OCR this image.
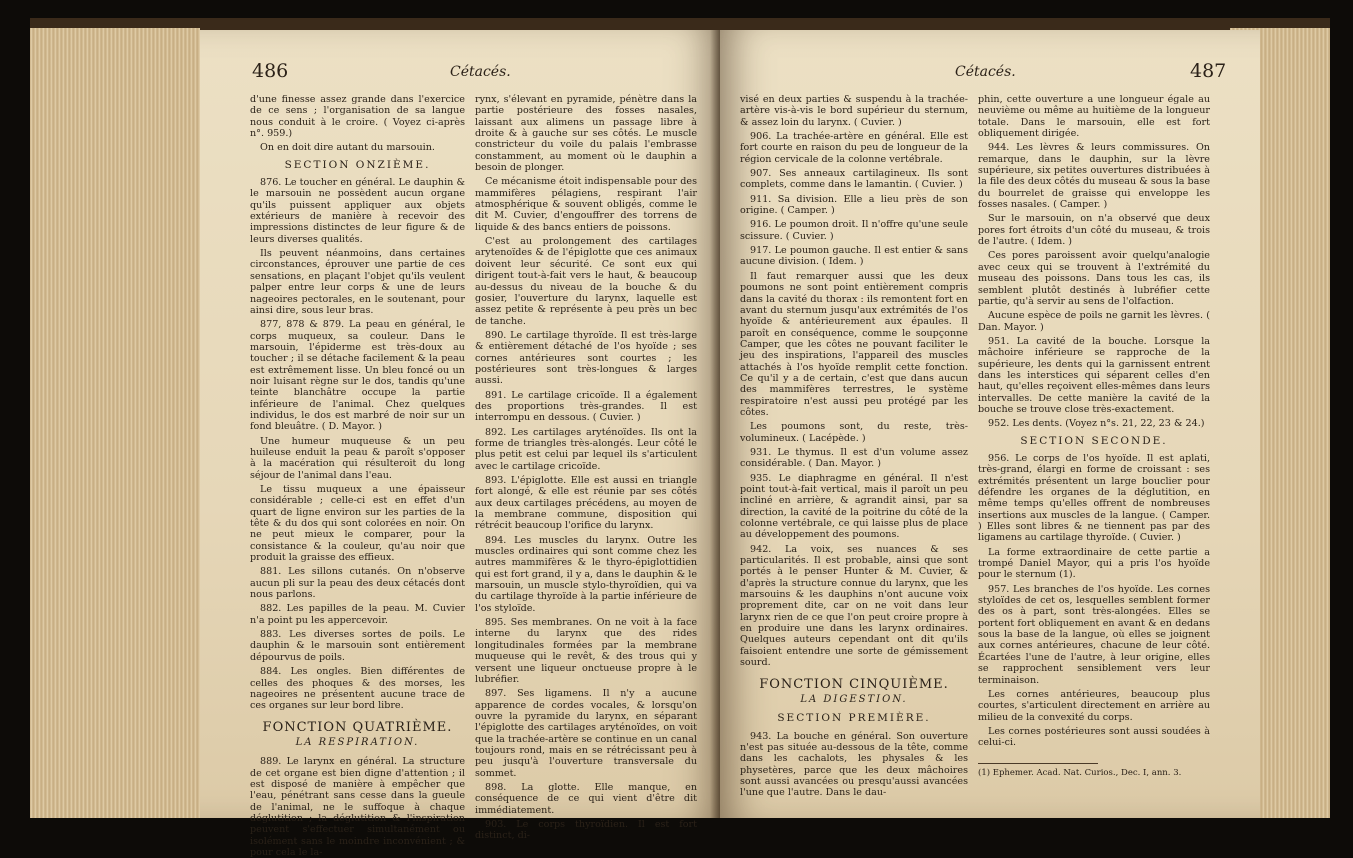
486	Cétacés.

d'une finesse assez grande dans l'exercice de ce sens ; l'organisation de sa langue nous conduit à le croire. ( Voyez ci-après n°. 959.)

On en doit dire autant du marsouin.

SECTION ONZIÈME.

876. Le toucher en général. Le dauphin & le marsouin ne possèdent aucun organe qu'ils puissent appliquer aux objets extérieurs de manière à recevoir des impressions distinctes de leur figure & de leurs diverses qualités.

Ils peuvent néanmoins, dans certaines circonstances, éprouver une partie de ces sensations, en plaçant l'objet qu'ils veulent palper entre leur corps & une de leurs nageoires pectorales, en le soutenant, pour ainsi dire, sous leur bras.

877, 878 & 879. La peau en général, le corps muqueux, sa couleur. Dans le marsouin, l'épiderme est très-doux au toucher ; il se détache facilement & la peau est extrêmement lisse. Un bleu foncé ou un noir luisant règne sur le dos, tandis qu'une teinte blanchâtre occupe la partie inférieure de l'animal. Chez quelques individus, le dos est marbré de noir sur un fond bleuâtre. ( D. Mayor. )

Une humeur muqueuse & un peu huileuse enduit la peau & paroît s'opposer à la macération qui résulteroit du long séjour de l'animal dans l'eau.

Le tissu muqueux a une épaisseur considérable ; celle-ci est en effet d'un quart de ligne environ sur les parties de la tête & du dos qui sont colorées en noir. On ne peut mieux le comparer, pour la consistance & la couleur, qu'au noir que produit la graisse des effieux.

881. Les sillons cutanés. On n'observe aucun pli sur la peau des deux cétacés dont nous parlons.

882. Les papilles de la peau. M. Cuvier n'a point pu les appercevoir.

883. Les diverses sortes de poils. Le dauphin & le marsouin sont entièrement dépourvus de poils.

884. Les ongles. Bien différentes de celles des phoques & des morses, les nageoires ne présentent aucune trace de ces organes sur leur bord libre.

FONCTION QUATRIÈME.

LA RESPIRATION.

889. Le larynx en général. La structure de cet organe est bien digne d'attention ; il est disposé de manière à empêcher que l'eau, pénétrant sans cesse dans la gueule de l'animal, ne le suffoque à chaque déglutition ; la déglutition & l'inspiration peuvent s'effectuer simultanément ou isolément sans le moindre inconvénient ; & pour cela le la-

rynx, s'élevant en pyramide, pénètre dans la partie postérieure des fosses nasales, laissant aux alimens un passage libre à droite & à gauche sur ses côtés. Le muscle constricteur du voile du palais l'embrasse constamment, au moment où le dauphin a besoin de plonger.

Ce mécanisme étoit indispensable pour des mammifères pélagiens, respirant l'air atmosphérique & souvent obligés, comme le dit M. Cuvier, d'engouffrer des torrens de liquide & des bancs entiers de poissons.

C'est au prolongement des cartilages arytenoïdes & de l'épiglotte que ces animaux doivent leur sécurité. Ce sont eux qui dirigent tout-à-fait vers le haut, & beaucoup au-dessus du niveau de la bouche & du gosier, l'ouverture du larynx, laquelle est assez petite & représente à peu près un bec de tanche.

890. Le cartilage thyroïde. Il est très-large & entièrement détaché de l'os hyoïde ; ses cornes antérieures sont courtes ; les postérieures sont très-longues & larges aussi.

891. Le cartilage cricoïde. Il a également des proportions très-grandes. Il est interrompu en dessous. ( Cuvier. )

892. Les cartilages aryténoïdes. Ils ont la forme de triangles très-alongés. Leur côté le plus petit est celui par lequel ils s'articulent avec le cartilage cricoïde.

893. L'épiglotte. Elle est aussi en triangle fort alongé, & elle est réunie par ses côtés aux deux cartilages précédens, au moyen de la membrane commune, disposition qui rétrécit beaucoup l'orifice du larynx.

894. Les muscles du larynx. Outre les muscles ordinaires qui sont comme chez les autres mammifères & le thyro-épiglottidien qui est fort grand, il y a, dans le dauphin & le marsouin, un muscle stylo-thyroïdien, qui va du cartilage thyroïde à la partie inférieure de l'os styloïde.

895. Ses membranes. On ne voit à la face interne du larynx que des rides longitudinales formées par la membrane muqueuse qui le revêt, & des trous qui y versent une liqueur onctueuse propre à le lubréfier.

897. Ses ligamens. Il n'y a aucune apparence de cordes vocales, & lorsqu'on ouvre la pyramide du larynx, en séparant l'épiglotte des cartilages aryténoïdes, on voit que la trachée-artère se continue en un canal toujours rond, mais en se rétrécissant peu à peu jusqu'à l'ouverture transversale du sommet.

898. La glotte. Elle manque, en conséquence de ce qui vient d'être dit immédiatement.

903. Le corps thyroïdien. Il est fort distinct, di-

487
Cétacés.

visé en deux parties & suspendu à la trachée-artère vis-à-vis le bord supérieur du sternum, & assez loin du larynx. ( Cuvier. )

906. La trachée-artère en général. Elle est fort courte en raison du peu de longueur de la région cervicale de la colonne vertébrale.

907. Ses anneaux cartilagineux. Ils sont complets, comme dans le lamantin. ( Cuvier. )

911. Sa division. Elle a lieu près de son origine. ( Camper. )

916. Le poumon droit. Il n'offre qu'une seule scissure. ( Cuvier. )

917. Le poumon gauche. Il est entier & sans aucune division. ( Idem. )

Il faut remarquer aussi que les deux poumons ne sont point entièrement compris dans la cavité du thorax : ils remontent fort en avant du sternum jusqu'aux extrémités de l'os hyoïde & antérieurement aux épaules. Il paroît en conséquence, comme le soupçonne Camper, que les côtes ne pouvant faciliter le jeu des inspirations, l'appareil des muscles attachés à l'os hyoïde remplit cette fonction. Ce qu'il y a de certain, c'est que dans aucun des mammifères terrestres, le système respiratoire n'est aussi peu protégé par les côtes.

Les poumons sont, du reste, très-volumineux. ( Lacépède. )

931. Le thymus. Il est d'un volume assez considérable. ( Dan. Mayor. )

935. Le diaphragme en général. Il n'est point tout-à-fait vertical, mais il paroît un peu incliné en arrière, & agrandit ainsi, par sa direction, la cavité de la poitrine du côté de la colonne vertébrale, ce qui laisse plus de place au développement des poumons.

942. La voix, ses nuances & ses particularités. Il est probable, ainsi que sont portés à le penser Hunter & M. Cuvier, & d'après la structure connue du larynx, que les marsouins & les dauphins n'ont aucune voix proprement dite, car on ne voit dans leur larynx rien de ce que l'on peut croire propre à en produire une dans les larynx ordinaires. Quelques auteurs cependant ont dit qu'ils faisoient entendre une sorte de gémissement sourd.

FONCTION CINQUIÈME.

LA DIGESTION.

SECTION PREMIÈRE.

943. La bouche en général. Son ouverture n'est pas située au-dessous de la tête, comme dans les cachalots, les physales & les physetères, parce que les deux mâchoires sont aussi avancées ou presqu'aussi avancées l'une que l'autre. Dans le dau-

phin, cette ouverture a une longueur égale au neuvième ou même au huitième de la longueur totale. Dans le marsouin, elle est fort obliquement dirigée.

944. Les lèvres & leurs commissures. On remarque, dans le dauphin, sur la lèvre supérieure, six petites ouvertures distribuées à la file des deux côtés du museau & sous la base du bourrelet de graisse qui enveloppe les fosses nasales. ( Camper. )

Sur le marsouin, on n'a observé que deux pores fort étroits d'un côté du museau, & trois de l'autre. ( Idem. )

Ces pores paroissent avoir quelqu'analogie avec ceux qui se trouvent à l'extrémité du museau des poissons. Dans tous les cas, ils semblent plutôt destinés à lubréfier cette partie, qu'à servir au sens de l'olfaction.

Aucune espèce de poils ne garnit les lèvres. ( Dan. Mayor. )

951. La cavité de la bouche. Lorsque la mâchoire inférieure se rapproche de la supérieure, les dents qui la garnissent entrent dans les interstices qui séparent celles d'en haut, qu'elles reçoivent elles-mêmes dans leurs intervalles. De cette manière la cavité de la bouche se trouve close très-exactement.

952. Les dents. (Voyez n°s. 21, 22, 23 & 24.)

SECTION SECONDE.

956. Le corps de l'os hyoïde. Il est aplati, très-grand, élargi en forme de croissant : ses extrémités présentent un large bouclier pour défendre les organes de la déglutition, en même temps qu'elles offrent de nombreuses insertions aux muscles de la langue. ( Camper. ) Elles sont libres & ne tiennent pas par des ligamens au cartilage thyroïde. ( Cuvier. )

La forme extraordinaire de cette partie a trompé Daniel Mayor, qui a pris l'os hyoïde pour le sternum (1).

957. Les branches de l'os hyoïde. Les cornes styloïdes de cet os, lesquelles semblent former des os à part, sont très-alongées. Elles se portent fort obliquement en avant & en dedans sous la base de la langue, où elles se joignent aux cornes antérieures, chacune de leur côté. Écartées l'une de l'autre, à leur origine, elles se rapprochent sensiblement vers leur terminaison.

Les cornes antérieures, beaucoup plus courtes, s'articulent directement en arrière au milieu de la convexité du corps.

Les cornes postérieures sont aussi soudées à celui-ci.

(1) Ephemer. Acad. Nat. Curios., Dec. I, ann. 3.
